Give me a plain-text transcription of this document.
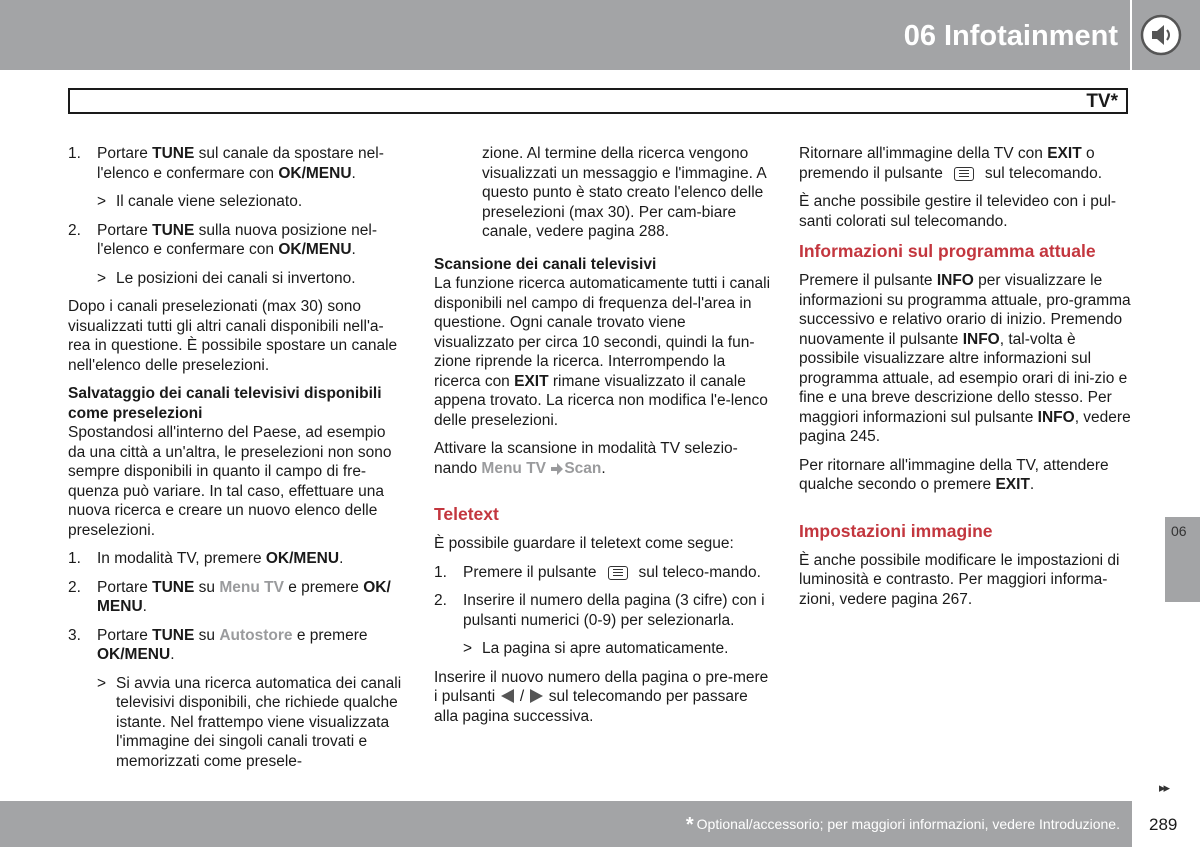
06 Infotainment
TV*
1.	Portare TUNE sul canale da spostare nel-l'elenco e confermare con OK/MENU.
> Il canale viene selezionato.
2.	Portare TUNE sulla nuova posizione nel-l'elenco e confermare con OK/MENU.
> Le posizioni dei canali si invertono.

Dopo i canali preselezionati (max 30) sono visualizzati tutti gli altri canali disponibili nell'a-rea in questione. È possibile spostare un canale nell'elenco delle preselezioni.

Salvataggio dei canali televisivi disponibili come preselezioni

Spostandosi all'interno del Paese, ad esempio da una città a un'altra, le preselezioni non sono sempre disponibili in quanto il campo di fre-quenza può variare. In tal caso, effettuare una nuova ricerca e creare un nuovo elenco delle preselezioni.

1.	In modalità TV, premere OK/MENU.
2.	Portare TUNE su Menu TV e premere OK/ MENU.
3.	Portare TUNE su Autostore e premere OK/MENU.
> Si avvia una ricerca automatica dei canali televisivi disponibili, che richiede qualche istante. Nel frattempo viene visualizzata l'immagine dei singoli canali trovati e memorizzati come presele-

zione. Al termine della ricerca vengono visualizzati un messaggio e l'immagine. A questo punto è stato creato l'elenco delle preselezioni (max 30). Per cam-biare canale, vedere pagina 288.

Scansione dei canali televisivi

La funzione ricerca automaticamente tutti i canali disponibili nel campo di frequenza del-l'area in questione. Ogni canale trovato viene visualizzato per circa 10 secondi, quindi la fun-zione riprende la ricerca. Interrompendo la ricerca con EXIT rimane visualizzato il canale appena trovato. La ricerca non modifica l'e-lenco delle preselezioni.

Attivare la scansione in modalità TV selezio-nando Menu TV Scan.

Teletext

È possibile guardare il teletext come segue:

1.	Premere il pulsante	sul teleco-mando.
2.	Inserire il numero della pagina (3 cifre) con i pulsanti numerici (0-9) per selezionarla.
> La pagina si apre automaticamente.

Inserire il nuovo numero della pagina o pre-mere i pulsanti / sul telecomando per passare alla pagina successiva.

Ritornare all'immagine della TV con EXIT o premendo il pulsante	sul telecomando.

È anche possibile gestire il televideo con i pul-santi colorati sul telecomando.

Informazioni sul programma attuale

Premere il pulsante INFO per visualizzare le informazioni su programma attuale, pro-gramma successivo e relativo orario di inizio. Premendo nuovamente il pulsante INFO, tal-volta è possibile visualizzare altre informazioni sul programma attuale, ad esempio orari di ini-zio e fine e una breve descrizione dello stesso. Per maggiori informazioni sul pulsante INFO, vedere pagina 245.

Per ritornare all'immagine della TV, attendere qualche secondo o premere EXIT.

Impostazioni immagine

È anche possibile modificare le impostazioni di luminosità e contrasto. Per maggiori informa-zioni, vedere pagina 267.

06
▸▸
* Optional/accessorio; per maggiori informazioni, vedere Introduzione. 289
